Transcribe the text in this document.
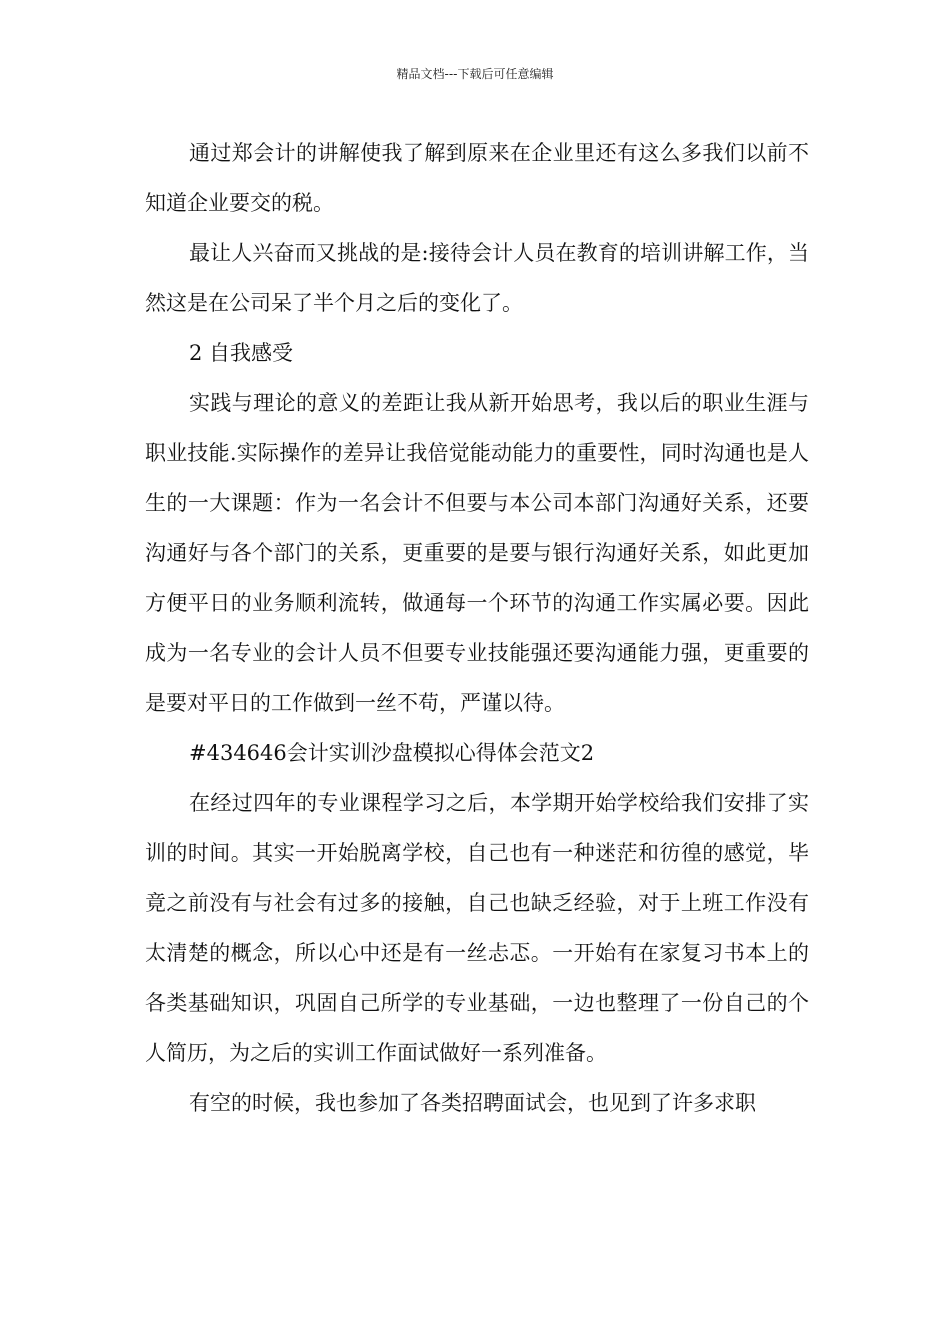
精品文档---下载后可任意编辑

通过郑会计的讲解使我了解到原来在企业里还有这么多我们以前不知道企业要交的税。

最让人兴奋而又挑战的是:接待会计人员在教育的培训讲解工作，当然这是在公司呆了半个月之后的变化了。

2 自我感受

实践与理论的意义的差距让我从新开始思考，我以后的职业生涯与职业技能.实际操作的差异让我倍觉能动能力的重要性，同时沟通也是人生的一大课题：作为一名会计不但要与本公司本部门沟通好关系，还要沟通好与各个部门的关系，更重要的是要与银行沟通好关系，如此更加方便平日的业务顺利流转，做通每一个环节的沟通工作实属必要。因此成为一名专业的会计人员不但要专业技能强还要沟通能力强，更重要的是要对平日的工作做到一丝不苟，严谨以待。

#434646会计实训沙盘模拟心得体会范文2

在经过四年的专业课程学习之后，本学期开始学校给我们安排了实训的时间。其实一开始脱离学校，自己也有一种迷茫和彷徨的感觉，毕竟之前没有与社会有过多的接触，自己也缺乏经验，对于上班工作没有太清楚的概念，所以心中还是有一丝忐忑。一开始有在家复习书本上的各类基础知识，巩固自己所学的专业基础，一边也整理了一份自己的个人简历，为之后的实训工作面试做好一系列准备。

有空的时候，我也参加了各类招聘面试会，也见到了许多求职
